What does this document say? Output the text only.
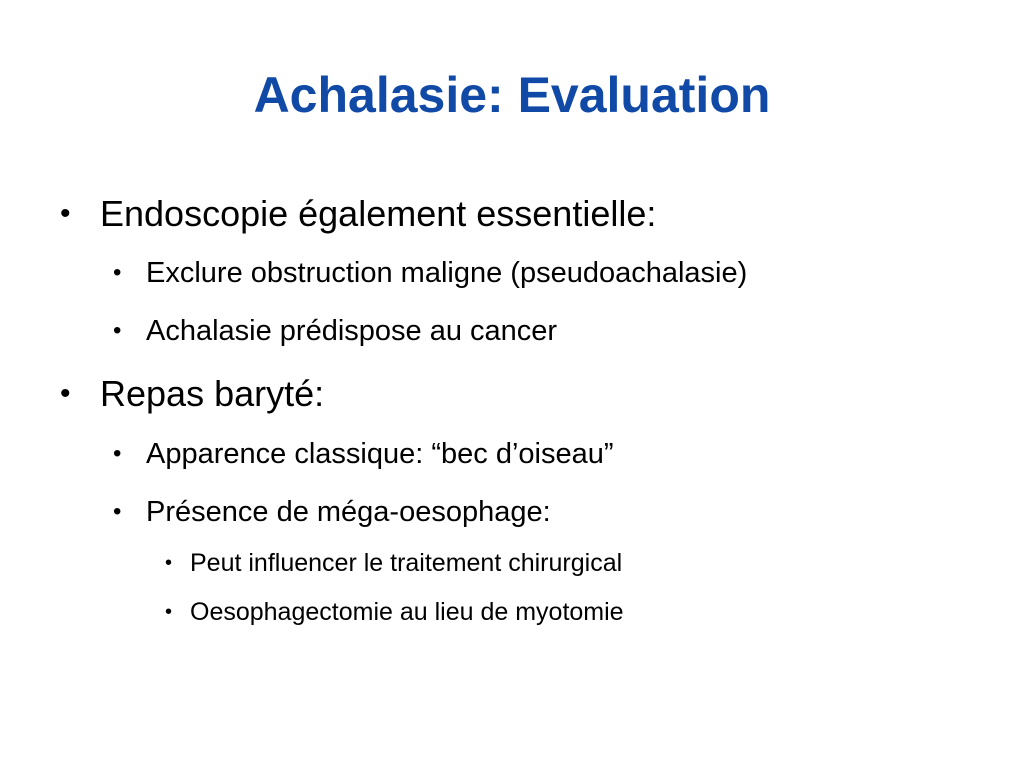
Achalasie: Evaluation
• Endoscopie également essentielle:
• Exclure obstruction maligne (pseudoachalasie)
• Achalasie prédispose au cancer
• Repas baryté:
• Apparence classique: “bec d’oiseau”
• Présence de méga-oesophage:
• Peut influencer le traitement chirurgical
• Oesophagectomie au lieu de myotomie
